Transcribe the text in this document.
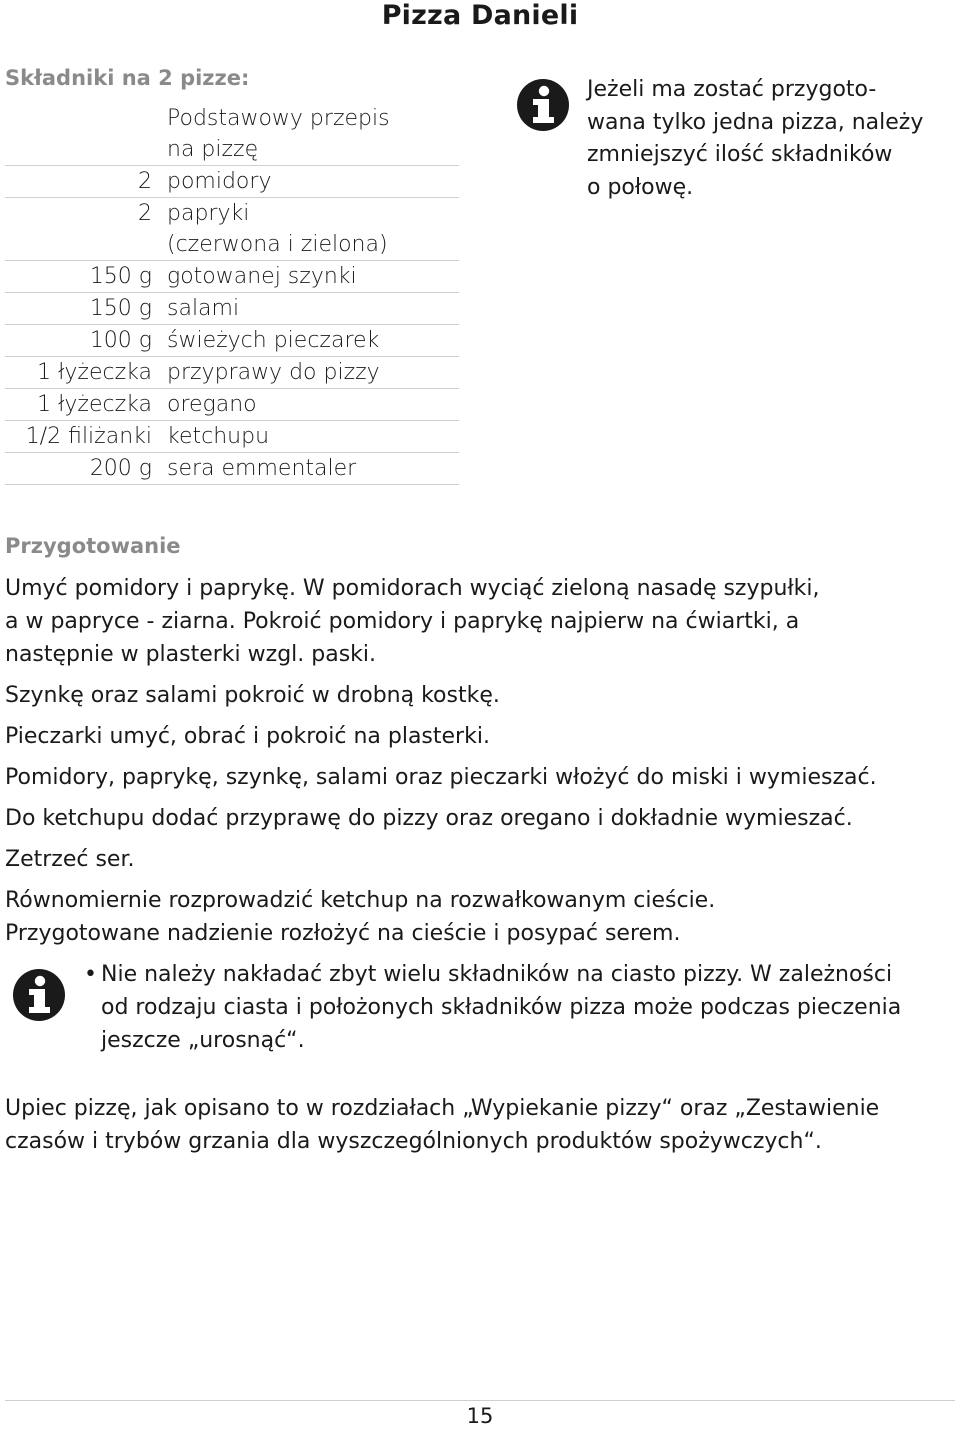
Pizza Danieli
Składniki na 2 pizze:
Podstawowy przepis
na pizzę
2 pomidory
2 papryki
(czerwona i zielona)
150 g gotowanej szynki
150 g salami
100 g świeżych pieczarek
1 łyżeczka przyprawy do pizzy
1 łyżeczka oregano
1/2 filiżanki ketchupu
200 g sera emmentaler
Jeżeli ma zostać przygoto-
wana tylko jedna pizza, należy
zmniejszyć ilość składników
o połowę.
Przygotowanie

Umyć pomidory i paprykę. W pomidorach wyciąć zieloną nasadę szypułki,
a w papryce - ziarna. Pokroić pomidory i paprykę najpierw na ćwiartki, a
następnie w plasterki wzgl. paski.

Szynkę oraz salami pokroić w drobną kostkę.

Pieczarki umyć, obrać i pokroić na plasterki.

Pomidory, paprykę, szynkę, salami oraz pieczarki włożyć do miski i wymieszać.

Do ketchupu dodać przyprawę do pizzy oraz oregano i dokładnie wymieszać.

Zetrzeć ser.

Równomiernie rozprowadzić ketchup na rozwałkowanym cieście.
Przygotowane nadzienie rozłożyć na cieście i posypać serem.

• Nie należy nakładać zbyt wielu składników na ciasto pizzy. W zależności
od rodzaju ciasta i położonych składników pizza może podczas pieczenia
jeszcze „urosnąć“.
Upiec pizzę, jak opisano to w rozdziałach „Wypiekanie pizzy“ oraz „Zestawienie
czasów i trybów grzania dla wyszczególnionych produktów spożywczych“.
15
